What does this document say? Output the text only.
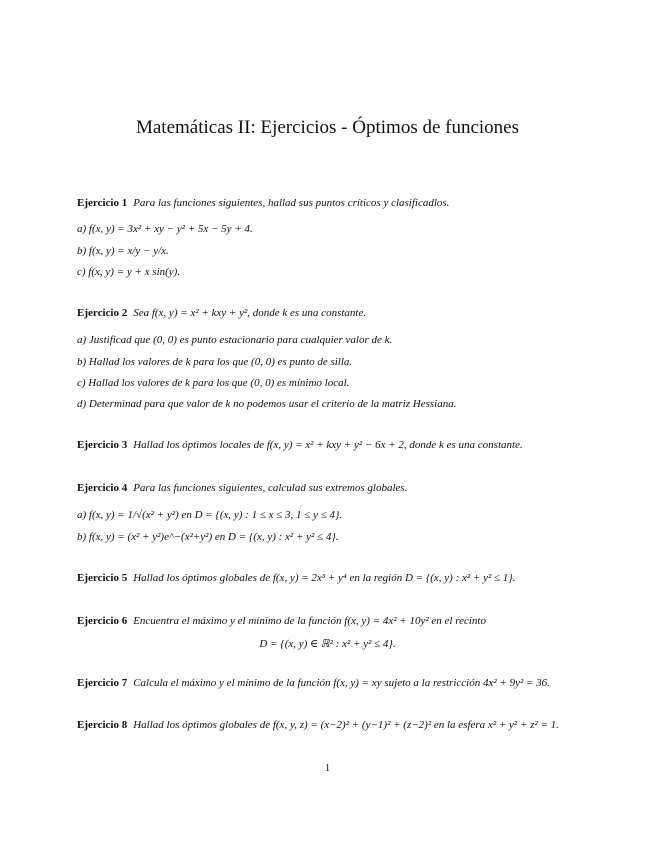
Matemáticas II: Ejercicios - Óptimos de funciones
Ejercicio 1 Para las funciones siguientes, hallad sus puntos críticos y clasificadlos.
a) f(x, y) = 3x² + xy − y² + 5x − 5y + 4.
b) f(x, y) = x/y − y/x.
c) f(x, y) = y + x sin(y).
Ejercicio 2 Sea f(x, y) = x² + kxy + y², donde k es una constante.
a) Justificad que (0, 0) es punto estacionario para cualquier valor de k.
b) Hallad los valores de k para los que (0, 0) es punto de silla.
c) Hallad los valores de k para los que (0, 0) es mínimo local.
d) Determinad para que valor de k no podemos usar el criterio de la matriz Hessiana.
Ejercicio 3 Hallad los óptimos locales de f(x, y) = x² + kxy + y² − 6x + 2, donde k es una constante.
Ejercicio 4 Para las funciones siguientes, calculad sus extremos globales.
a) f(x, y) = 1/√(x² + y²) en D = {(x, y) : 1 ≤ x ≤ 3, 1 ≤ y ≤ 4}.
b) f(x, y) = (x² + y²)e^−(x²+y²) en D = {(x, y) : x² + y² ≤ 4}.
Ejercicio 5 Hallad los óptimos globales de f(x, y) = 2x³ + y⁴ en la región D = {(x, y) : x² + y² ≤ 1}.
Ejercicio 6 Encuentra el máximo y el mínimo de la función f(x, y) = 4x² + 10y² en el recinto
D = {(x, y) ∈ ℝ² : x² + y² ≤ 4}.
Ejercicio 7 Calcula el máximo y el mínimo de la función f(x, y) = xy sujeto a la restricción 4x² + 9y² = 36.
Ejercicio 8 Hallad los óptimos globales de f(x, y, z) = (x−2)² + (y−1)² + (z−2)² en la esfera x² + y² + z² = 1.
1
